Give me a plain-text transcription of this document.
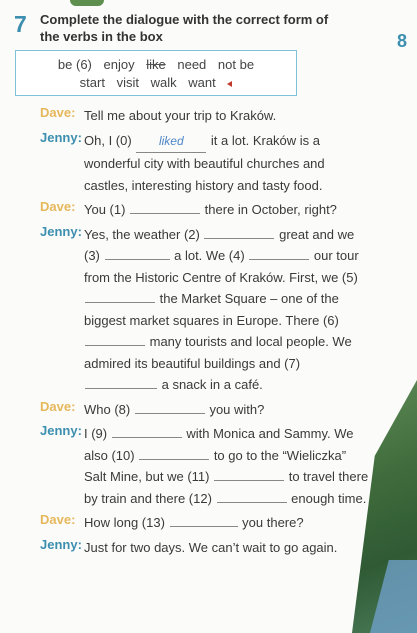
7 Complete the dialogue with the correct form of the verbs in the box	8
be (6) enjoy like need not be
start visit walk want
Dave: Tell me about your trip to Kraków.
Jenny: Oh, I (0) liked it a lot. Kraków is a wonderful city with beautiful churches and castles, interesting history and tasty food.
Dave: You (1)	there in October, right?
Jenny: Yes, the weather (2)	great and we (3)	a lot. We (4)	our tour from the Historic Centre of Kraków. First, we (5)  the Market Square – one of the biggest market squares in Europe. There (6)  many tourists and local people. We admired its beautiful buildings and (7)  a snack in a café.
Dave: Who (8)	you with?
Jenny: I (9)	with Monica and Sammy. We also (10)	to go to the “Wieliczka” Salt Mine, but we (11)	to travel there by train and there (12)	enough time.
Dave: How long (13)	you there?
Jenny: Just for two days. We can’t wait to go again.
